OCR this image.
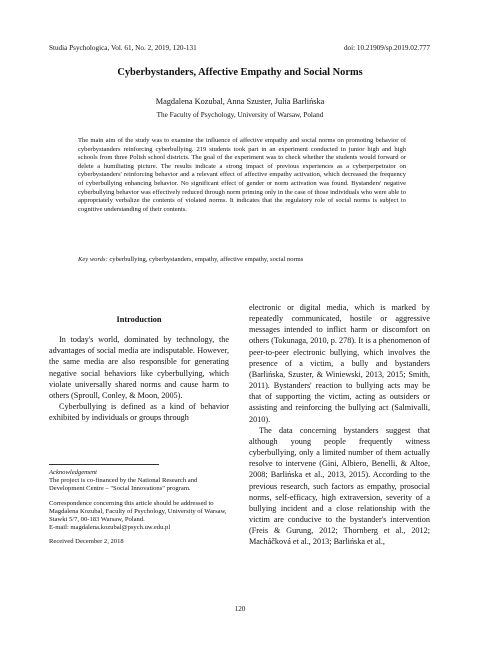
Studia Psychologica, Vol. 61, No. 2, 2019, 120-131	doi: 10.21909/sp.2019.02.777
Cyberbystanders, Affective Empathy and Social Norms
Magdalena Kozubal, Anna Szuster, Julia Barlińska
The Faculty of Psychology, University of Warsaw, Poland
The main aim of the study was to examine the influence of affective empathy and social norms on promoting behavior of cyberbystanders reinforcing cyberbullying. 219 students took part in an experiment conducted in junior high and high schools from three Polish school districts. The goal of the experiment was to check whether the students would forward or delete a humiliating picture. The results indicate a strong impact of previous experiences as a cyberperpetrator on cyberbystanders' reinforcing behavior and a relevant effect of affective empathy activation, which decreased the frequency of cyberbullying enhancing behavior. No significant effect of gender or norm activation was found. Bystanders' negative cyberbullying behavior was effectively reduced through norm priming only in the case of those individuals who were able to appropriately verbalize the contents of violated norms. It indicates that the regulatory role of social norms is subject to cognitive understanding of their contents.
Key words: cyberbullying, cyberbystanders, empathy, affective empathy, social norms
Introduction

In today's world, dominated by technology, the advantages of social media are indisputable. However, the same media are also responsible for generating negative social behaviors like cyberbullying, which violate universally shared norms and cause harm to others (Sproull, Conley, & Moon, 2005).

Cyberbullying is defined as a kind of behavior exhibited by individuals or groups through

electronic or digital media, which is marked by repeatedly communicated, hostile or aggressive messages intended to inflict harm or discomfort on others (Tokunaga, 2010, p. 278). It is a phenomenon of peer-to-peer electronic bullying, which involves the presence of a victim, a bully and bystanders (Barlińska, Szuster, & Winiewski, 2013, 2015; Smith, 2011). Bystanders' reaction to bullying acts may be that of supporting the victim, acting as outsiders or assisting and reinforcing the bullying act (Salmivalli, 2010).

The data concerning bystanders suggest that although young people frequently witness cyberbullying, only a limited number of them actually resolve to intervene (Gini, Albiero, Benelli, & Altoe, 2008; Barlińska et al., 2013, 2015). According to the previous research, such factors as empathy, prosocial norms, self-efficacy, high extraversion, severity of a bullying incident and a close relationship with the victim are conducive to the bystander's intervention (Freis & Gurung, 2012; Thornberg et al., 2012; Macháčková et al., 2013; Barlińska et al.,

Acknowledgement
The project is co-financed by the National Research and Development Centre – "Social Innovations" program.
Correspondence concerning this article should be addressed to Magdalena Kozubal, Faculty of Psychology, University of Warsaw, Stawki 5/7, 00-183 Warsaw, Poland.
E-mail: magdalena.kozubal@psych.uw.edu.pl
Received December 2, 2018
120
